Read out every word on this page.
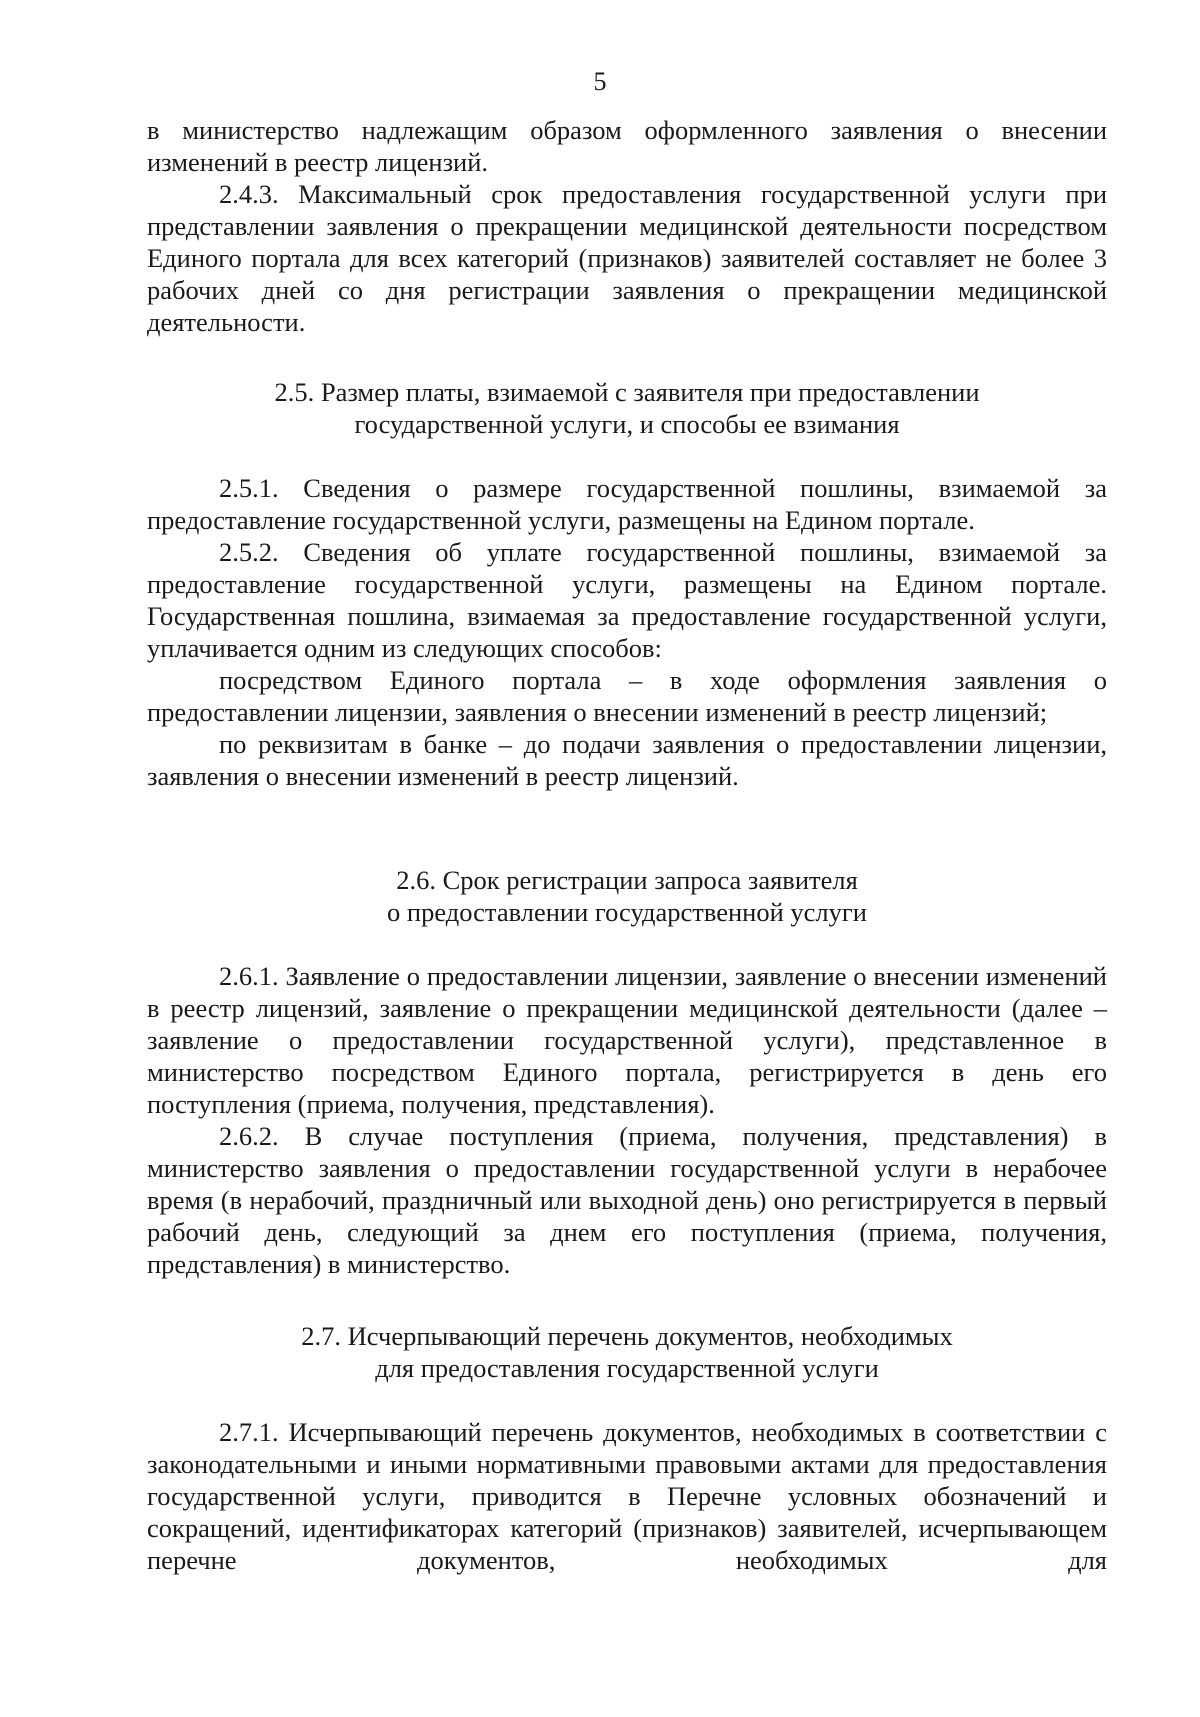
5

в министерство надлежащим образом оформленного заявления о внесении изменений в реестр лицензий.

2.4.3. Максимальный срок предоставления государственной услуги при представлении заявления о прекращении медицинской деятельности посредством Единого портала для всех категорий (признаков) заявителей составляет не более 3 рабочих дней со дня регистрации заявления о прекращении медицинской деятельности.

2.5. Размер платы, взимаемой с заявителя при предоставлении
государственной услуги, и способы ее взимания

2.5.1. Сведения о размере государственной пошлины, взимаемой за предоставление государственной услуги, размещены на Едином портале.

2.5.2. Сведения об уплате государственной пошлины, взимаемой за предоставление государственной услуги, размещены на Едином портале. Государственная пошлина, взимаемая за предоставление государственной услуги, уплачивается одним из следующих способов:

посредством Единого портала – в ходе оформления заявления о предоставлении лицензии, заявления о внесении изменений в реестр лицензий;

по реквизитам в банке – до подачи заявления о предоставлении лицензии, заявления о внесении изменений в реестр лицензий.

2.6. Срок регистрации запроса заявителя
о предоставлении государственной услуги

2.6.1. Заявление о предоставлении лицензии, заявление о внесении изменений в реестр лицензий, заявление о прекращении медицинской деятельности (далее – заявление о предоставлении государственной услуги), представленное в министерство посредством Единого портала, регистрируется в день его поступления (приема, получения, представления).

2.6.2. В случае поступления (приема, получения, представления) в министерство заявления о предоставлении государственной услуги в нерабочее время (в нерабочий, праздничный или выходной день) оно регистрируется в первый рабочий день, следующий за днем его поступления (приема, получения, представления) в министерство.

2.7. Исчерпывающий перечень документов, необходимых
для предоставления государственной услуги

2.7.1. Исчерпывающий перечень документов, необходимых в соответствии с законодательными и иными нормативными правовыми актами для предоставления государственной услуги, приводится в Перечне условных обозначений и сокращений, идентификаторах категорий (признаков) заявителей, исчерпывающем перечне документов, необходимых для
